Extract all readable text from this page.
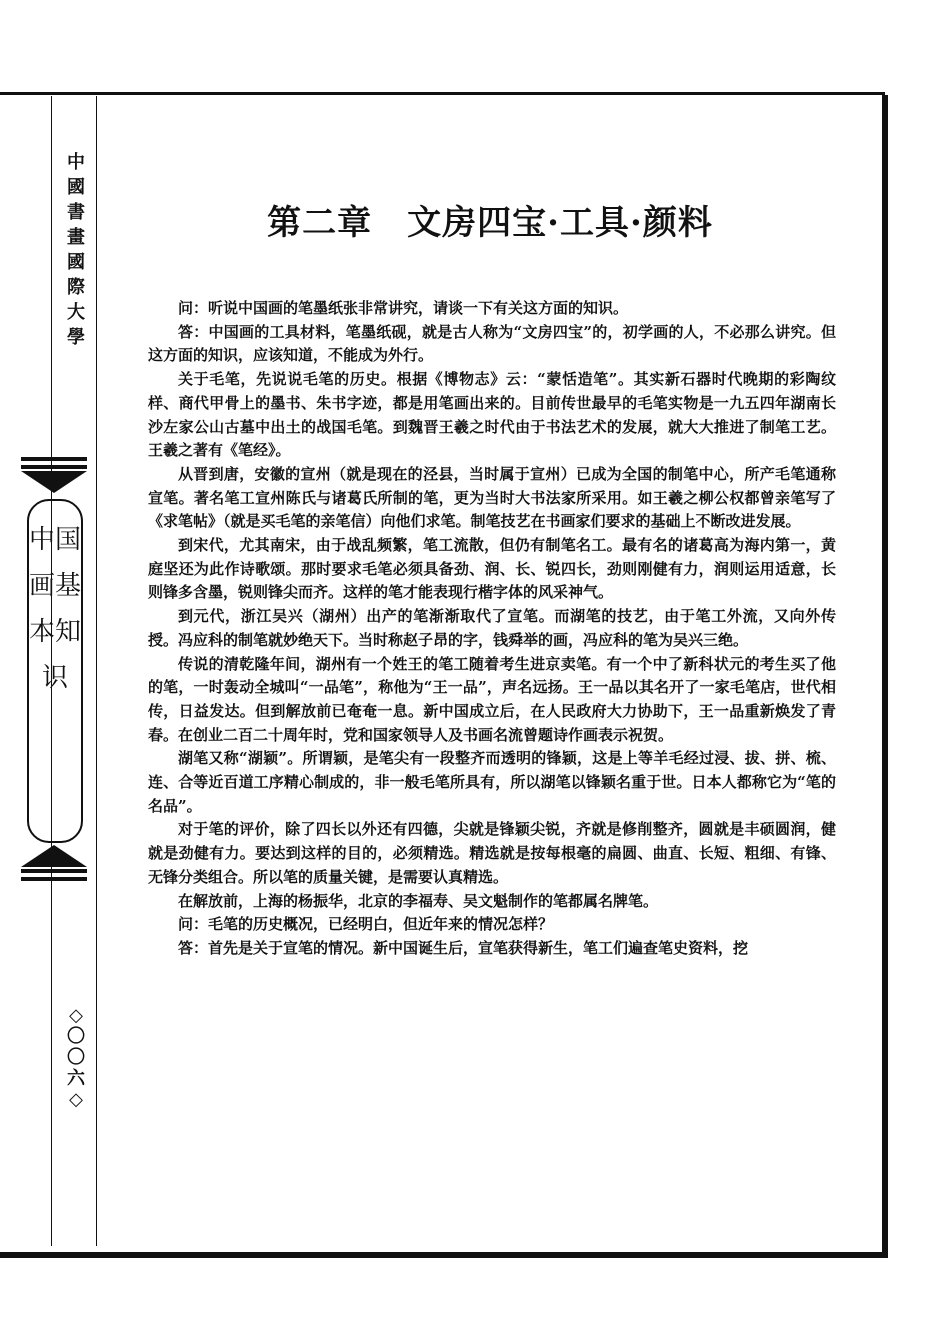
中國書畫國際大學
中国画基本知识
◇〇〇六◇
第二章　文房四宝·工具·颜料

问：听说中国画的笔墨纸张非常讲究，请谈一下有关这方面的知识。

答：中国画的工具材料，笔墨纸砚，就是古人称为“文房四宝”的，初学画的人，不必那么讲究。但这方面的知识，应该知道，不能成为外行。

关于毛笔，先说说毛笔的历史。根据《博物志》云：“蒙恬造笔”。其实新石器时代晚期的彩陶纹样、商代甲骨上的墨书、朱书字迹，都是用笔画出来的。目前传世最早的毛笔实物是一九五四年湖南长沙左家公山古墓中出土的战国毛笔。到魏晋王羲之时代由于书法艺术的发展，就大大推进了制笔工艺。王羲之著有《笔经》。

从晋到唐，安徽的宣州（就是现在的泾县，当时属于宣州）已成为全国的制笔中心，所产毛笔通称宣笔。著名笔工宣州陈氏与诸葛氏所制的笔，更为当时大书法家所采用。如王羲之柳公权都曾亲笔写了《求笔帖》（就是买毛笔的亲笔信）向他们求笔。制笔技艺在书画家们要求的基础上不断改进发展。

到宋代，尤其南宋，由于战乱频繁，笔工流散，但仍有制笔名工。最有名的诸葛高为海内第一，黄庭坚还为此作诗歌颂。那时要求毛笔必须具备劲、润、长、锐四长，劲则刚健有力，润则运用适意，长则锋多含墨，锐则锋尖而齐。这样的笔才能表现行楷字体的风采神气。

到元代，浙江吴兴（湖州）出产的笔渐渐取代了宣笔。而湖笔的技艺，由于笔工外流，又向外传授。冯应科的制笔就妙绝天下。当时称赵子昂的字，钱舜举的画，冯应科的笔为吴兴三绝。

传说的清乾隆年间，湖州有一个姓王的笔工随着考生进京卖笔。有一个中了新科状元的考生买了他的笔，一时轰动全城叫“一品笔”，称他为“王一品”，声名远扬。王一品以其名开了一家毛笔店，世代相传，日益发达。但到解放前已奄奄一息。新中国成立后，在人民政府大力协助下，王一品重新焕发了青春。在创业二百二十周年时，党和国家领导人及书画名流曾题诗作画表示祝贺。

湖笔又称“湖颖”。所谓颖，是笔尖有一段整齐而透明的锋颖，这是上等羊毛经过浸、拔、拼、梳、连、合等近百道工序精心制成的，非一般毛笔所具有，所以湖笔以锋颖名重于世。日本人都称它为“笔的名品”。

对于笔的评价，除了四长以外还有四德，尖就是锋颖尖锐，齐就是修削整齐，圆就是丰硕圆润，健就是劲健有力。要达到这样的目的，必须精选。精选就是按每根毫的扁圆、曲直、长短、粗细、有锋、无锋分类组合。所以笔的质量关键，是需要认真精选。

在解放前，上海的杨振华，北京的李福寿、吴文魁制作的笔都属名牌笔。

问：毛笔的历史概况，已经明白，但近年来的情况怎样？

答：首先是关于宣笔的情况。新中国诞生后，宣笔获得新生，笔工们遍查笔史资料，挖
